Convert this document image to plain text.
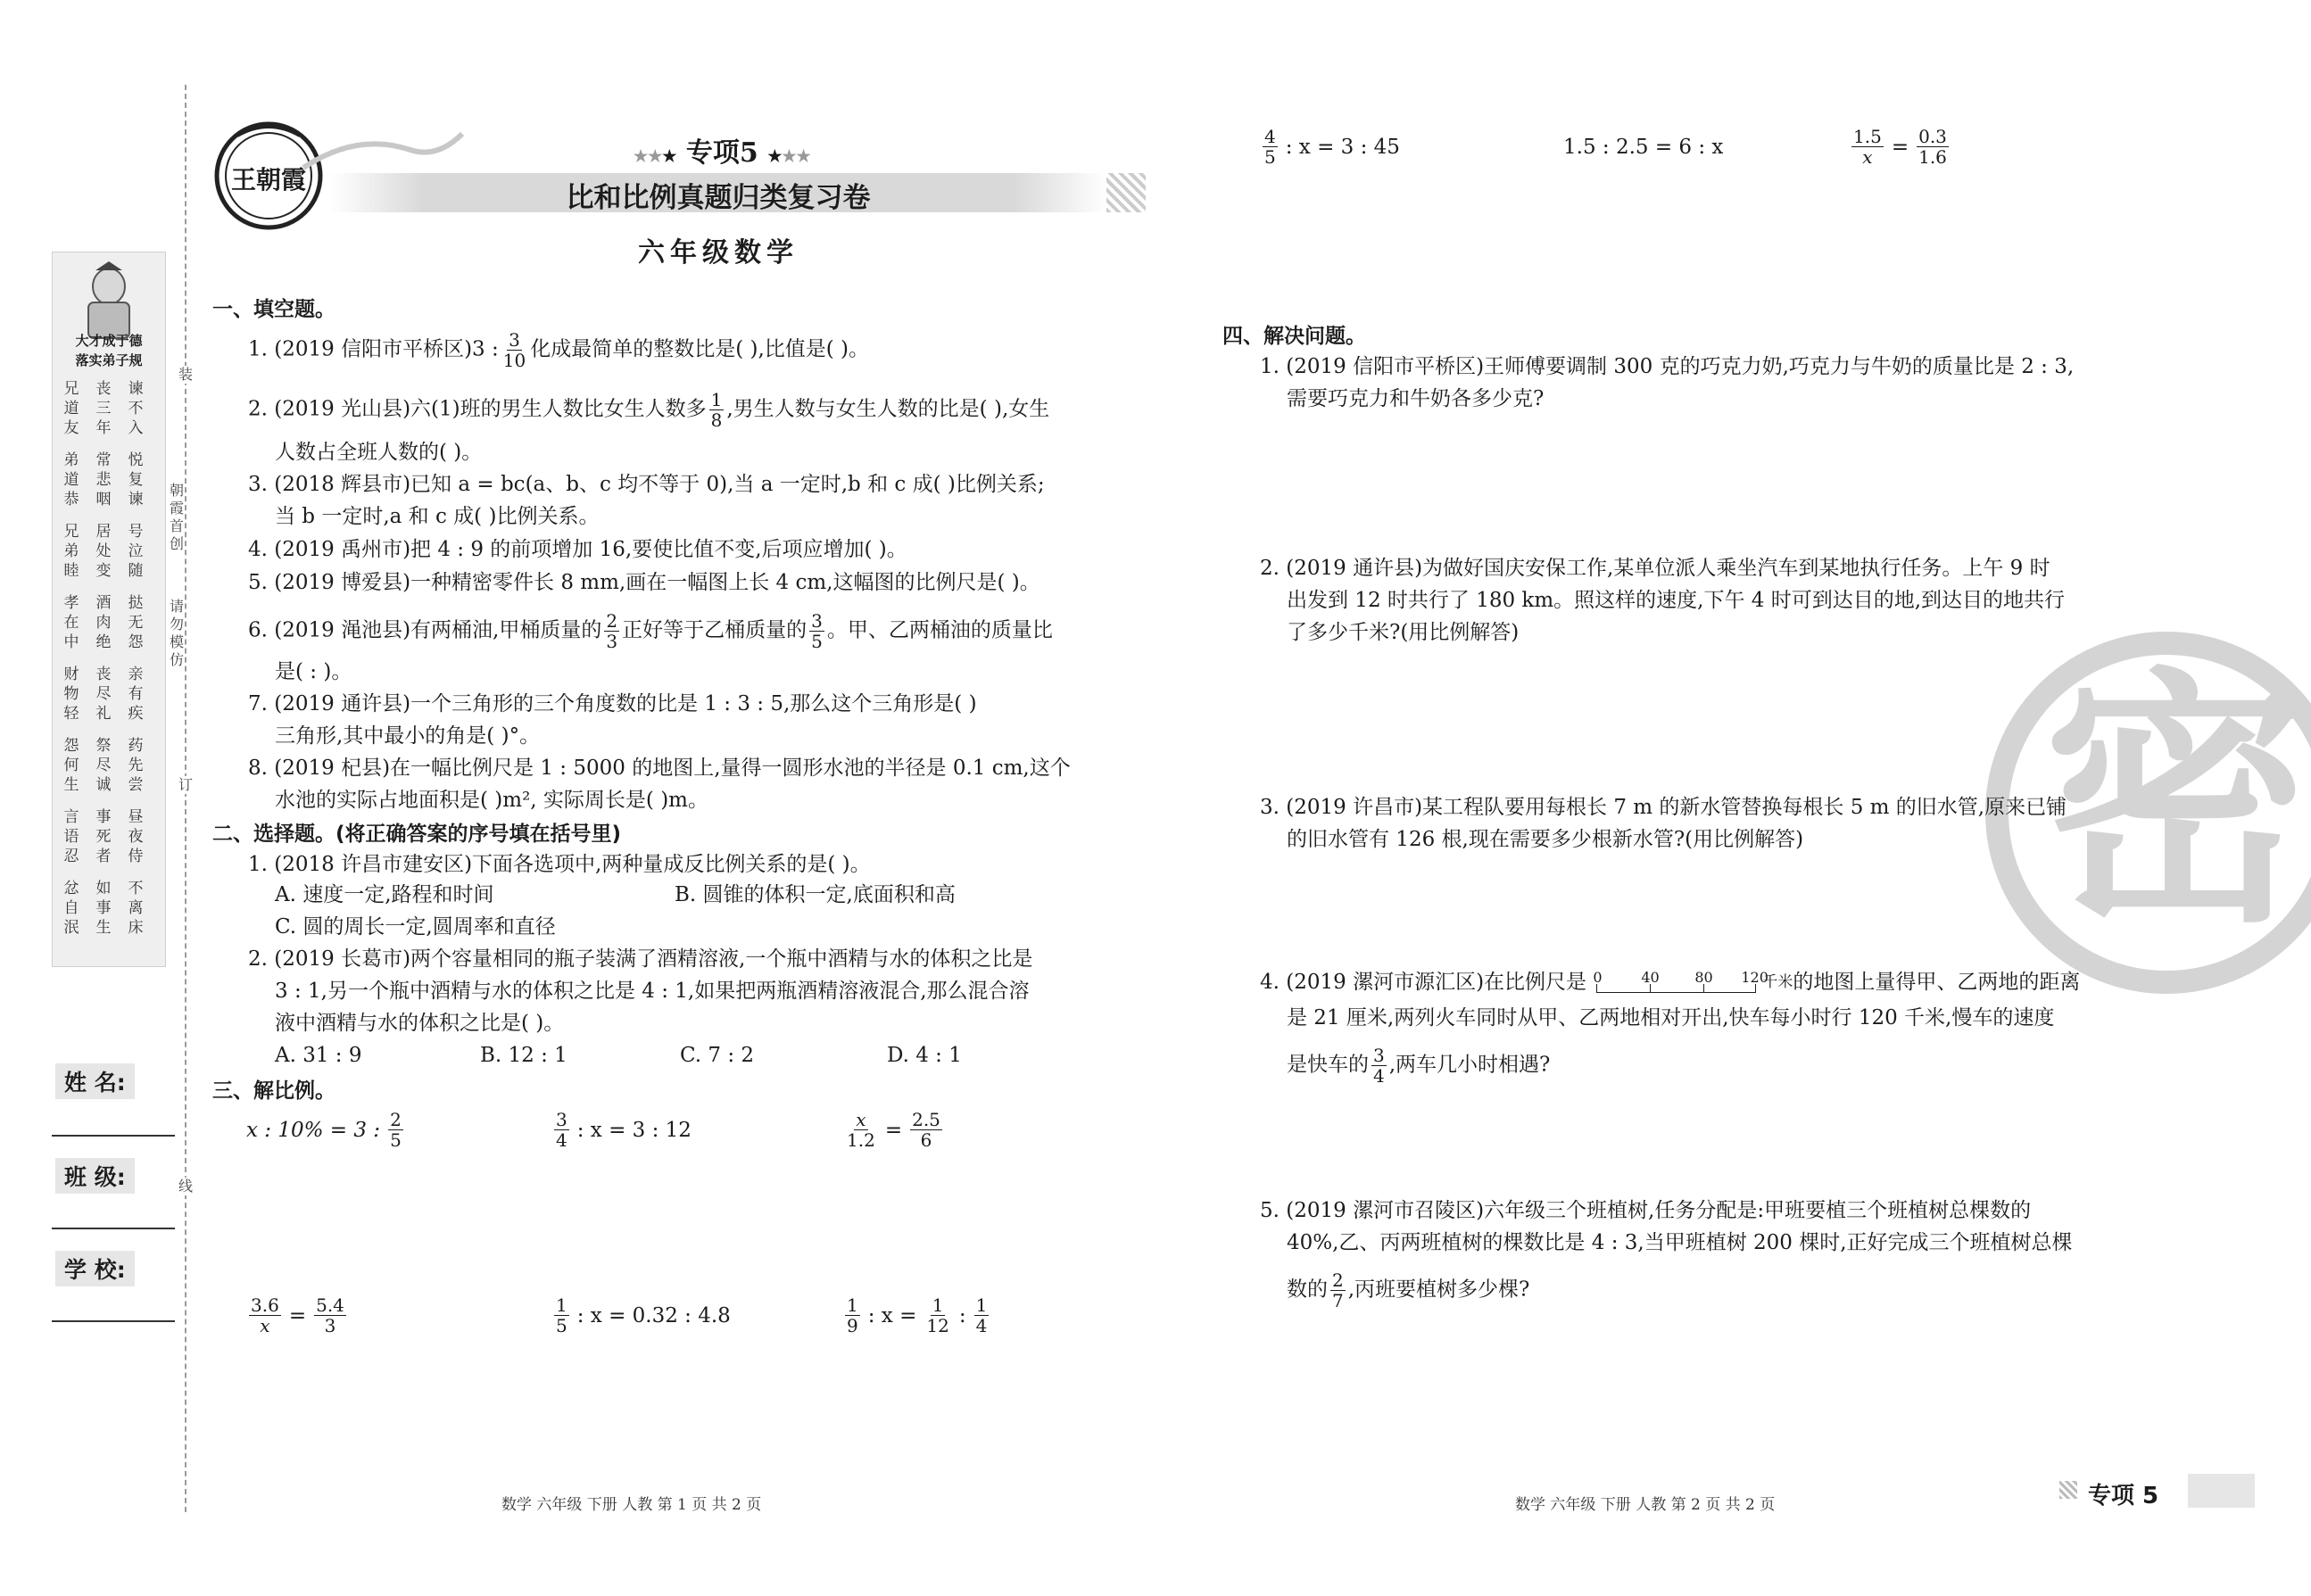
装
订
线
朝霞首创
请勿模仿
大才成于德
落实弟子规
兄道友
弟道恭
兄弟睦
孝在中
财物轻
怨何生
言语忍
忿自泯
丧三年
常悲咽
居处变
酒肉绝
丧尽礼
祭尽诚
事死者
如事生
谏不入
悦复谏
号泣随
挞无怨
亲有疾
药先尝
昼夜侍
不离床
姓 名:
班 级:
学 校:
王朝霞
★★★ 专项5 ★★★
比和比例真题归类复习卷
六年级数学
一、填空题。
1. (2019 信阳市平桥区)3 : $\frac{3}{10}$ 化成最简单的整数比是( ),比值是( )。
2. (2019 光山县)六(1)班的男生人数比女生人数多 $\frac{1}{8}$ ,男生人数与女生人数的比是( ),女生
人数占全班人数的( )。
3. (2018 辉县市)已知 a = bc(a、b、c 均不等于 0),当 a 一定时,b 和 c 成( )比例关系;
当 b 一定时,a 和 c 成( )比例关系。
4. (2019 禹州市)把 4 : 9 的前项增加 16,要使比值不变,后项应增加( )。
5. (2019 博爱县)一种精密零件长 8 mm,画在一幅图上长 4 cm,这幅图的比例尺是( )。
6. (2019 渑池县)有两桶油,甲桶质量的 $\frac{2}{3}$ 正好等于乙桶质量的 $\frac{3}{5}$ 。甲、乙两桶油的质量比
是( : )。
7. (2019 通许县)一个三角形的三个角度数的比是 1 : 3 : 5,那么这个三角形是( )
三角形,其中最小的角是( )°。
8. (2019 杞县)在一幅比例尺是 1 : 5000 的地图上,量得一圆形水池的半径是 0.1 cm,这个
水池的实际占地面积是( )m², 实际周长是( )m。
二、选择题。(将正确答案的序号填在括号里)
1. (2018 许昌市建安区)下面各选项中,两种量成反比例关系的是( )。
A. 速度一定,路程和时间	B. 圆锥的体积一定,底面积和高
C. 圆的周长一定,圆周率和直径
2. (2019 长葛市)两个容量相同的瓶子装满了酒精溶液,一个瓶中酒精与水的体积之比是
3 : 1,另一个瓶中酒精与水的体积之比是 4 : 1,如果把两瓶酒精溶液混合,那么混合溶
液中酒精与水的体积之比是( )。
A. 31 : 9	B. 12 : 1	C. 7 : 2	D. 4 : 1
三、解比例。
x : 10% = 3 : $\frac{2}{5}$	$\frac{3}{4}$ : x = 3 : 12	$\frac{x}{1.2} = \frac{2.5}{6}$
$\frac{3.6}{x} = \frac{5.4}{3}$	$\frac{1}{5}$ : x = 0.32 : 4.8	$\frac{1}{9}$ : $x = \frac{1}{12}$ : $\frac{1}{4}$
$\frac{4}{5}$ : x = 3 : 45	1.5 : 2.5 = 6 : x	$\frac{1.5}{x} = \frac{0.3}{1.6}$
密
四、解决问题。
1. (2019 信阳市平桥区)王师傅要调制 300 克的巧克力奶,巧克力与牛奶的质量比是 2 : 3,
需要巧克力和牛奶各多少克?
2. (2019 通许县)为做好国庆安保工作,某单位派人乘坐汽车到某地执行任务。上午 9 时
出发到 12 时共行了 180 km。照这样的速度,下午 4 时可到达目的地,到达目的地共行
了多少千米?(用比例解答)
3. (2019 许昌市)某工程队要用每根长 7 m 的新水管替换每根长 5 m 的旧水管,原来已铺
的旧水管有 126 根,现在需要多少根新水管?(用比例解答)
4. (2019 漯河市源汇区)在比例尺是 0	40 80 120
$^{千米}$的地图上量得甲、乙两地的距离
是 21 厘米,两列火车同时从甲、乙两地相对开出,快车每小时行 120 千米,慢车的速度
是快车的 $\frac{3}{4}$ ,两车几小时相遇?
5. (2019 漯河市召陵区)六年级三个班植树,任务分配是:甲班要植三个班植树总棵数的
40%,乙、丙两班植树的棵数比是 4 : 3,当甲班植树 200 棵时,正好完成三个班植树总棵
数的 $\frac{2}{7}$ ,丙班要植树多少棵?
数学 六年级 下册 人教 第 1 页 共 2 页	数学 六年级 下册 人教 第 2 页 共 2 页	专项 5
